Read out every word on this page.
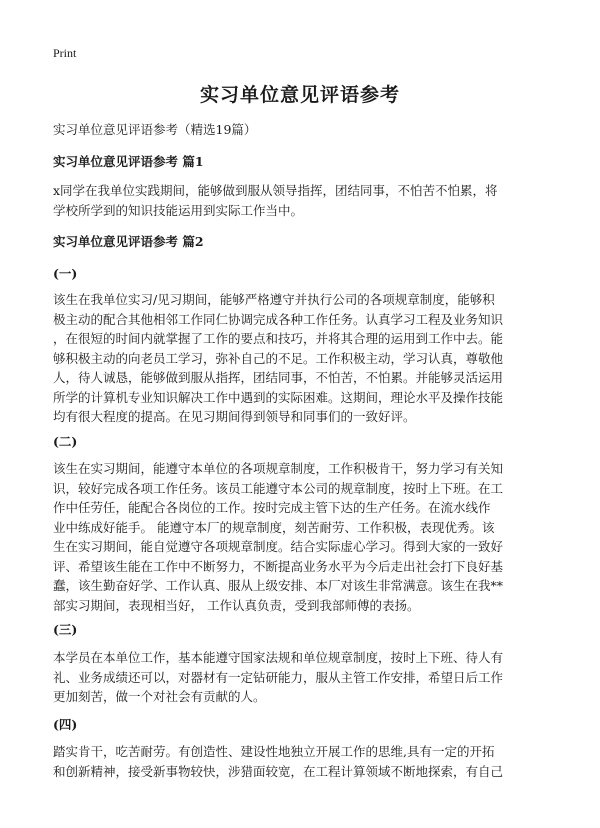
Print
实习单位意见评语参考
实习单位意见评语参考（精选19篇）
实习单位意见评语参考 篇1
x同学在我单位实践期间，能够做到服从领导指挥，团结同事，不怕苦不怕累，将
学校所学到的知识技能运用到实际工作当中。
实习单位意见评语参考 篇2
(一)
该生在我单位实习/见习期间，能够严格遵守并执行公司的各项规章制度，能够积
极主动的配合其他相邻工作同仁协调完成各种工作任务。认真学习工程及业务知识
，在很短的时间内就掌握了工作的要点和技巧，并将其合理的运用到工作中去。能
够积极主动的向老员工学习，弥补自己的不足。工作积极主动，学习认真，尊敬他
人，待人诚恳，能够做到服从指挥，团结同事，不怕苦，不怕累。并能够灵活运用
所学的计算机专业知识解决工作中遇到的实际困难。这期间，理论水平及操作技能
均有很大程度的提高。在见习期间得到领导和同事们的一致好评。
(二)
该生在实习期间，能遵守本单位的各项规章制度，工作积极肯干，努力学习有关知
识，较好完成各项工作任务。该员工能遵守本公司的规章制度，按时上下班。在工
作中任劳任，能配合各岗位的工作。按时完成主管下达的生产任务。在流水线作
业中练成好能手。 能遵守本厂的规章制度，刻苦耐劳、工作积极，表现优秀。该
生在实习期间，能自觉遵守各项规章制度。结合实际虚心学习。得到大家的一致好
评、希望该生能在工作中不断努力，不断提高业务水平为今后走出社会打下良好基
蠢，该生勤奋好学、工作认真、服从上级安排、本厂对该生非常满意。该生在我**
部实习期间，表现相当好， 工作认真负责，受到我部师傅的表扬。
(三)
本学员在本单位工作，基本能遵守国家法规和单位规章制度，按时上下班、待人有
礼、业务成绩还可以，对器材有一定钻研能力，服从主管工作安排，希望日后工作
更加刻苦，做一个对社会有贡献的人。
(四)
踏实肯干，吃苦耐劳。有创造性、建设性地独立开展工作的思维,具有一定的开拓
和创新精神，接受新事物较快，涉猎面较宽，在工程计算领域不断地探索，有自己
